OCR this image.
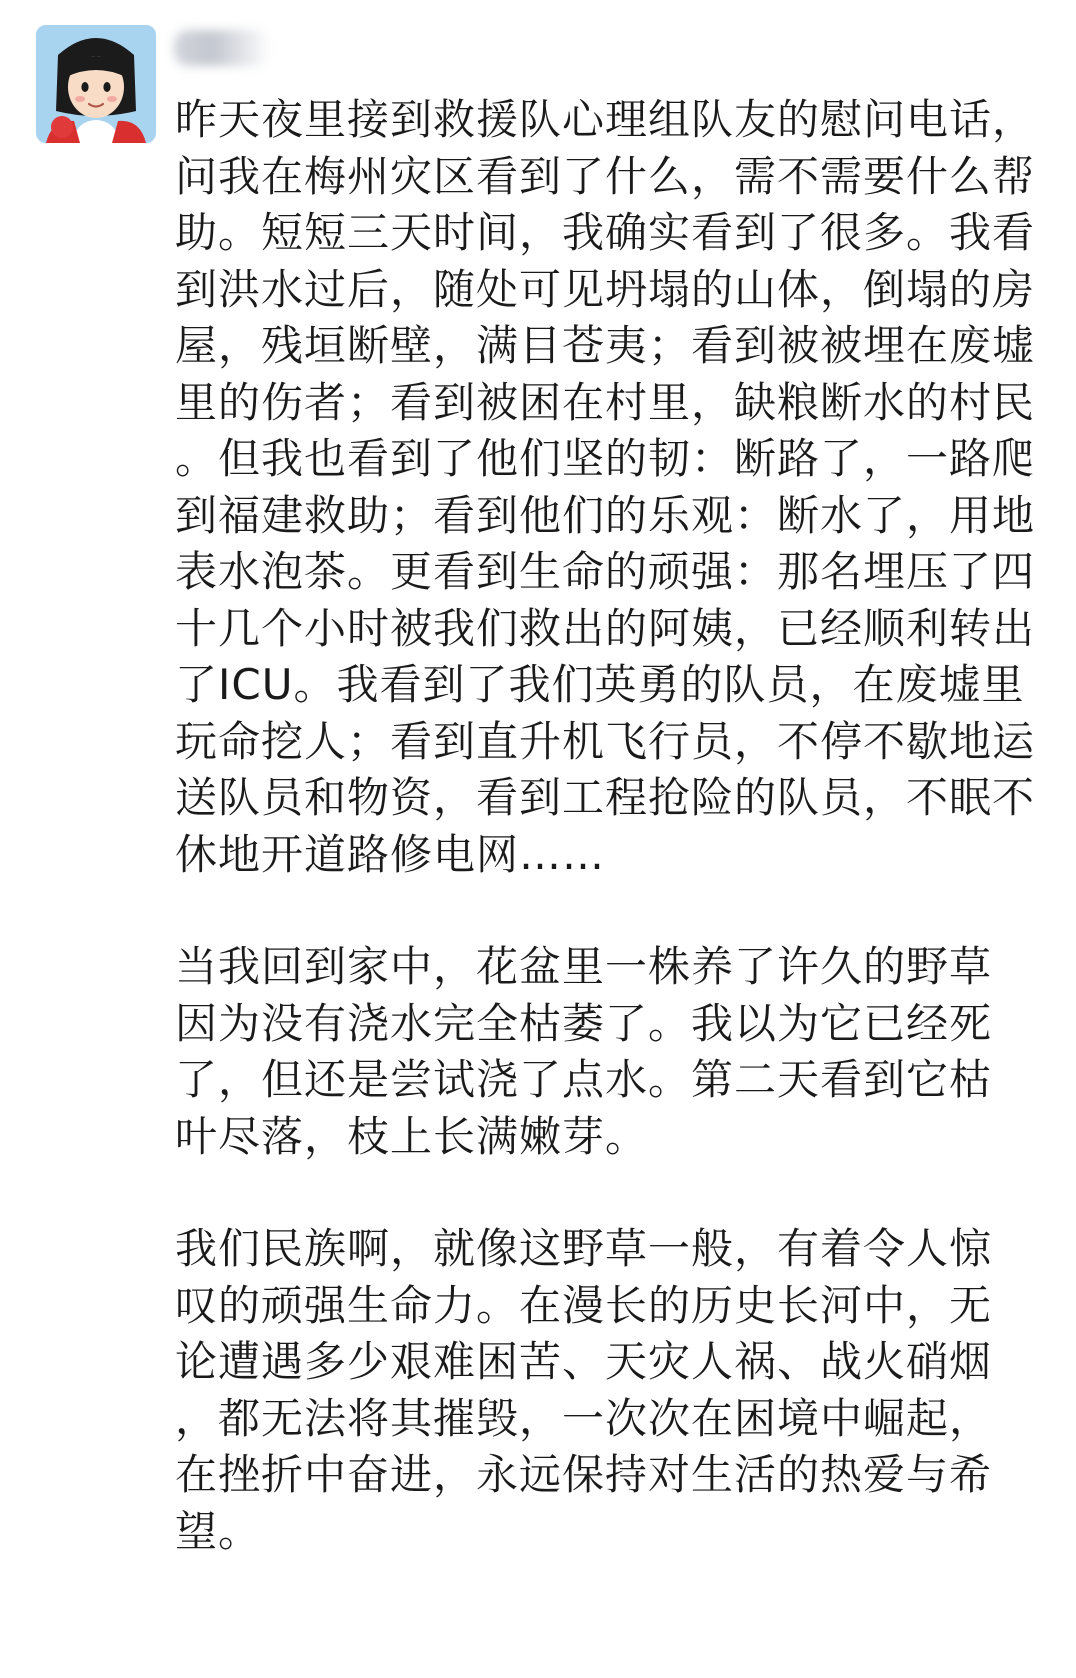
昨天夜里接到救援队心理组队友的慰问电话，问我在梅州灾区看到了什么，需不需要什么帮助。短短三天时间，我确实看到了很多。我看到洪水过后，随处可见坍塌的山体，倒塌的房屋，残垣断壁，满目苍夷；看到被被埋在废墟里的伤者；看到被困在村里，缺粮断水的村民。但我也看到了他们坚的韧：断路了，一路爬到福建救助；看到他们的乐观：断水了，用地表水泡茶。更看到生命的顽强：那名埋压了四十几个小时被我们救出的阿姨，已经顺利转出了ICU。我看到了我们英勇的队员，在废墟里玩命挖人；看到直升机飞行员，不停不歇地运送队员和物资，看到工程抢险的队员，不眠不休地开道路修电网……

当我回到家中，花盆里一株养了许久的野草因为没有浇水完全枯萎了。我以为它已经死了，但还是尝试浇了点水。第二天看到它枯叶尽落，枝上长满嫩芽。

我们民族啊，就像这野草一般，有着令人惊叹的顽强生命力。在漫长的历史长河中，无论遭遇多少艰难困苦、天灾人祸、战火硝烟，都无法将其摧毁，一次次在困境中崛起，在挫折中奋进，永远保持对生活的热爱与希望。
